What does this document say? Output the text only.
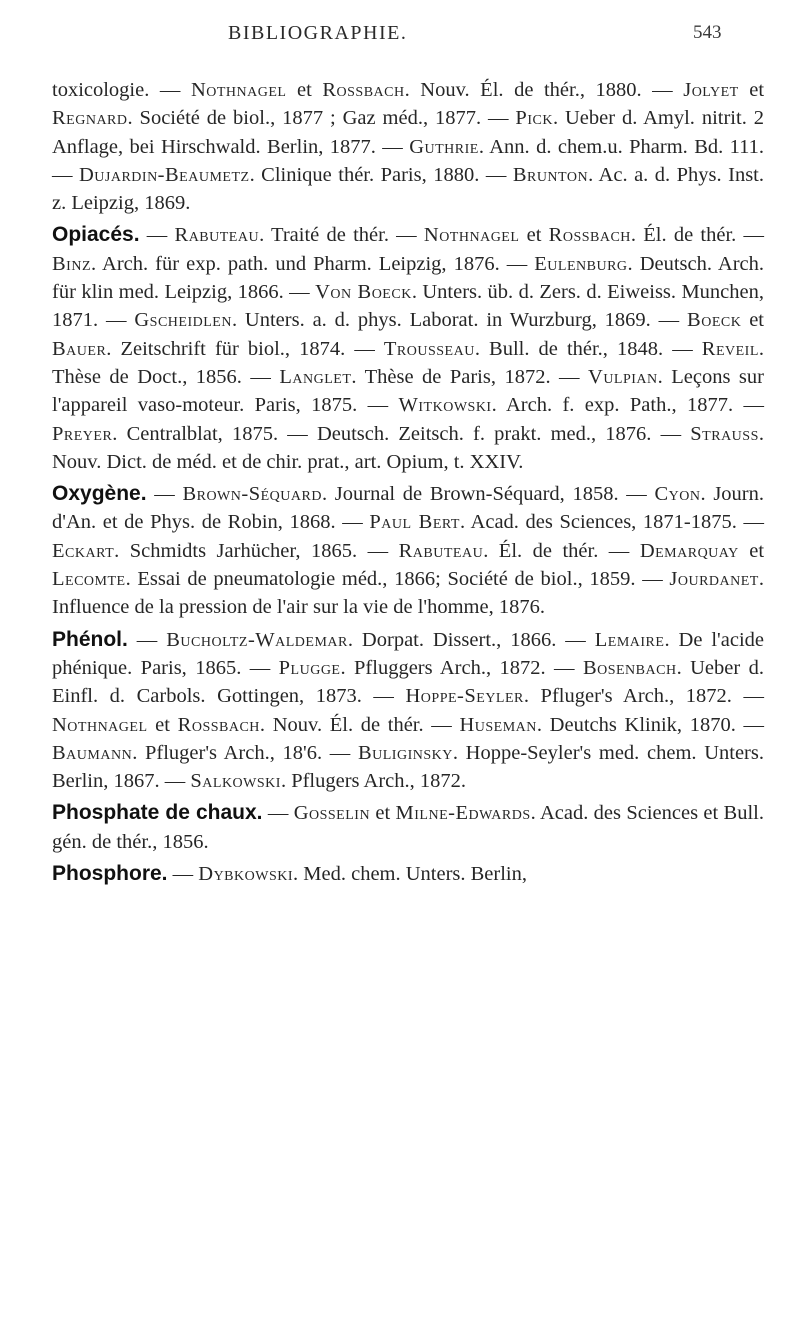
BIBLIOGRAPHIE.	543

toxicologie. — Nothnagel et Rossbach. Nouv. Él. de thér., 1880. — Jolyet et Regnard. Société de biol., 1877 ; Gaz méd., 1877. — Pick. Ueber d. Amyl. nitrit. 2 Anflage, bei Hirschwald. Berlin, 1877. — Guthrie. Ann. d. chem.u. Pharm. Bd. 111. — Dujardin-Beaumetz. Clinique thér. Paris, 1880. — Brunton. Ac. a. d. Phys. Inst. z. Leipzig, 1869.

Opiacés. — Rabuteau. Traité de thér. — Nothnagel et Rossbach. Él. de thér. — Binz. Arch. für exp. path. und Pharm. Leipzig, 1876. — Eulenburg. Deutsch. Arch. für klin med. Leipzig, 1866. — Von Boeck. Unters. üb. d. Zers. d. Eiweiss. Munchen, 1871. — Gscheidlen. Unters. a. d. phys. Laborat. in Wurzburg, 1869. — Boeck et Bauer. Zeitschrift für biol., 1874. — Trousseau. Bull. de thér., 1848. — Reveil. Thèse de Doct., 1856. — Langlet. Thèse de Paris, 1872. — Vulpian. Leçons sur l'appareil vaso-moteur. Paris, 1875. — Witkowski. Arch. f. exp. Path., 1877. — Preyer. Centralblat, 1875. — Deutsch. Zeitsch. f. prakt. med., 1876. — Strauss. Nouv. Dict. de méd. et de chir. prat., art. Opium, t. XXIV.

Oxygène. — Brown-Séquard. Journal de Brown-Séquard, 1858. — Cyon. Journ. d'An. et de Phys. de Robin, 1868. — Paul Bert. Acad. des Sciences, 1871-1875. — Eckart. Schmidts Jarhücher, 1865. — Rabuteau. Él. de thér. — Demarquay et Lecomte. Essai de pneumatologie méd., 1866; Société de biol., 1859. — Jourdanet. Influence de la pression de l'air sur la vie de l'homme, 1876.

Phénol. — Bucholtz-Waldemar. Dorpat. Dissert., 1866. — Lemaire. De l'acide phénique. Paris, 1865. — Plugge. Pfluggers Arch., 1872. — Bosenbach. Ueber d. Einfl. d. Carbols. Gottingen, 1873. — Hoppe-Seyler. Pfluger's Arch., 1872. — Nothnagel et Rossbach. Nouv. Él. de thér. — Huseman. Deutchs Klinik, 1870. — Baumann. Pfluger's Arch., 18'6. — Buliginsky. Hoppe-Seyler's med. chem. Unters. Berlin, 1867. — Salkowski. Pflugers Arch., 1872.

Phosphate de chaux. — Gosselin et Milne-Edwards. Acad. des Sciences et Bull. gén. de thér., 1856.

Phosphore. — Dybkowski. Med. chem. Unters. Berlin,
